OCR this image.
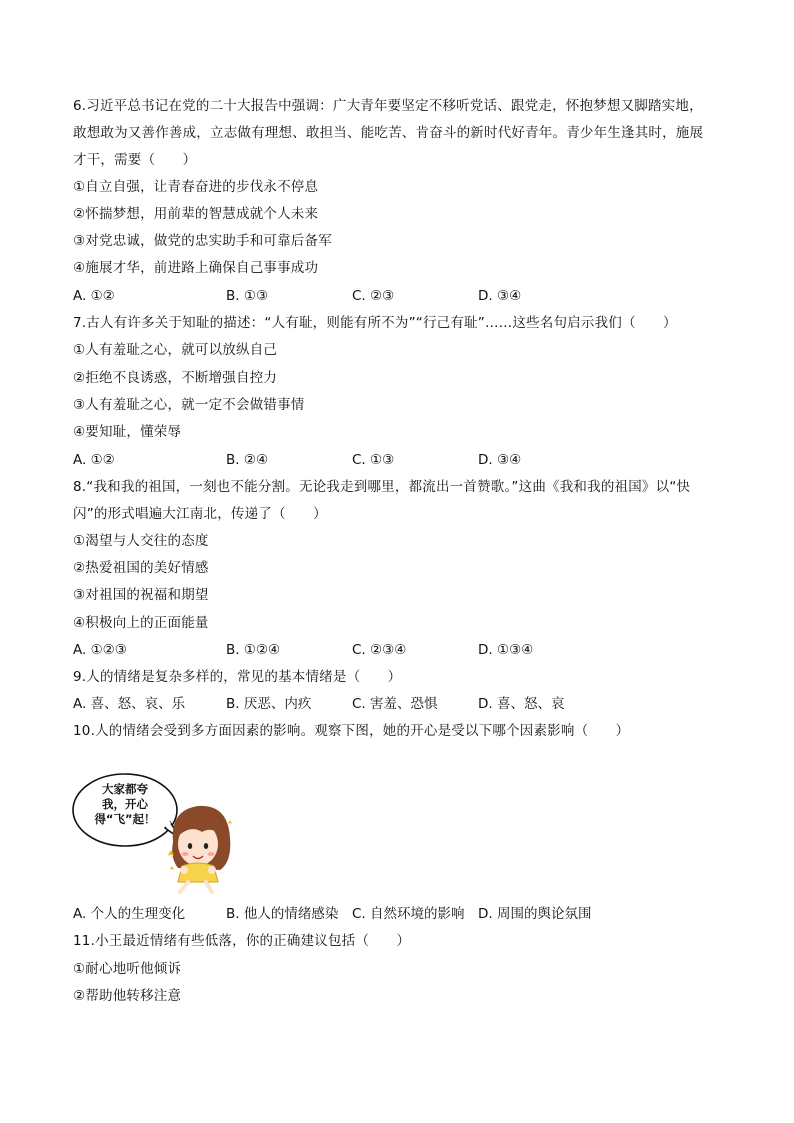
6.习近平总书记在党的二十大报告中强调：广大青年要坚定不移听党话、跟党走，怀抱梦想又脚踏实地，
敢想敢为又善作善成，立志做有理想、敢担当、能吃苦、肯奋斗的新时代好青年。青少年生逢其时，施展
才干，需要（　　）
①自立自强，让青春奋进的步伐永不停息
②怀揣梦想，用前辈的智慧成就个人未来
③对党忠诚，做党的忠实助手和可靠后备军
④施展才华，前进路上确保自己事事成功
A. ①②	B. ①③	C. ②③	D. ③④
7.古人有许多关于知耻的描述：“人有耻，则能有所不为”“行己有耻”……这些名句启示我们（　　）
①人有羞耻之心，就可以放纵自己
②拒绝不良诱惑，不断增强自控力
③人有羞耻之心，就一定不会做错事情
④要知耻，懂荣辱
A. ①②	B. ②④	C. ①③	D. ③④
8.“我和我的祖国，一刻也不能分割。无论我走到哪里，都流出一首赞歌。”这曲《我和我的祖国》以“快
闪”的形式唱遍大江南北，传递了（　　）
①渴望与人交往的态度
②热爱祖国的美好情感
③对祖国的祝福和期望
④积极向上的正面能量
A. ①②③	B. ①②④	C. ②③④	D. ①③④
9.人的情绪是复杂多样的，常见的基本情绪是（　　）
A. 喜、怒、哀、乐	B. 厌恶、内疚	C. 害羞、恐惧	D. 喜、怒、哀
10.人的情绪会受到多方面因素的影响。观察下图，她的开心是受以下哪个因素影响（　　）
大家都夸
我，开心
得“飞”起！
A. 个人的生理变化	B. 他人的情绪感染 C. 自然环境的影响 D. 周围的舆论氛围
11.小王最近情绪有些低落，你的正确建议包括（　　）
①耐心地听他倾诉
②帮助他转移注意
